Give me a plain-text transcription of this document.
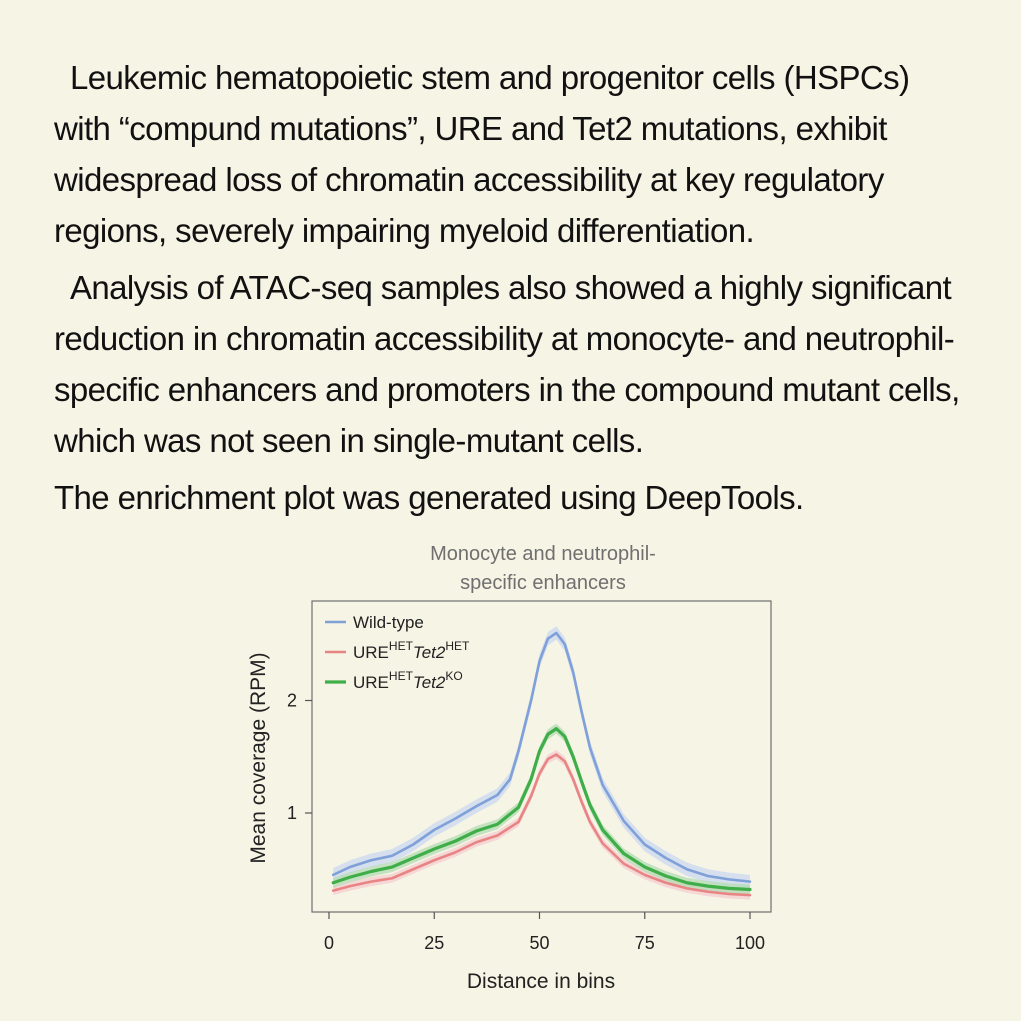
Leukemic hematopoietic stem and progenitor cells (HSPCs) with “compund mutations”, URE and Tet2 mutations, exhibit widespread loss of chromatin accessibility at key regulatory regions, severely impairing myeloid differentiation.

Analysis of ATAC-seq samples also showed a highly significant reduction in chromatin accessibility at monocyte- and neutrophil-specific enhancers and promoters in the compound mutant cells, which was not seen in single-mutant cells.

The enrichment plot was generated using DeepTools.

Monocyte and neutrophil-
specific enhancers
0	25	50	75	100
1
2
Wild-type
$URE^{HET}Tet2^{HET}$
$URE^{HET}Tet2^{KO}$
Distance in bins
Mean coverage (RPM)
